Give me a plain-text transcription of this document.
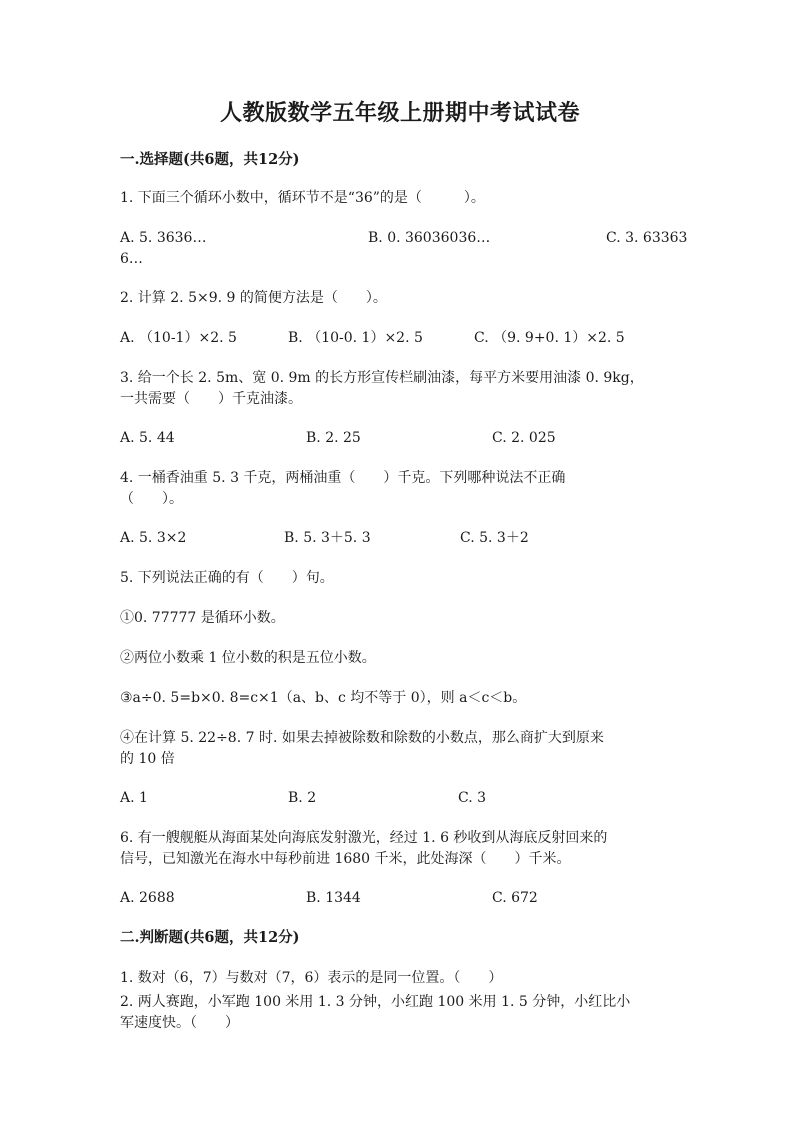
人教版数学五年级上册期中考试试卷
一.选择题(共6题，共12分)
1. 下面三个循环小数中，循环节不是“36”的是（　　　）。
A. 5. 3636…	B. 0. 36036036…	C. 3. 63363
6…
2. 计算 2. 5×9. 9 的简便方法是（　　）。
A. （10-1）×2. 5	B. （10-0. 1）×2. 5	C. （9. 9+0. 1）×2. 5
3. 给一个长 2. 5m、宽 0. 9m 的长方形宣传栏刷油漆，每平方米要用油漆 0. 9kg，
一共需要（　　）千克油漆。
A. 5. 44	B. 2. 25	C. 2. 025
4. 一桶香油重 5. 3 千克，两桶油重（　　）千克。下列哪种说法不正确
（　　）。
A. 5. 3×2	B. 5. 3＋5. 3	C. 5. 3＋2
5. 下列说法正确的有（　　）句。
①0. 77777 是循环小数。
②两位小数乘 1 位小数的积是五位小数。
③a÷0. 5=b×0. 8=c×1（a、b、c 均不等于 0），则 a＜c＜b。
④在计算 5. 22÷8. 7 时. 如果去掉被除数和除数的小数点，那么商扩大到原来
的 10 倍
A. 1	B. 2	C. 3
6. 有一艘舰艇从海面某处向海底发射激光，经过 1. 6 秒收到从海底反射回来的
信号，已知激光在海水中每秒前进 1680 千米，此处海深（　　）千米。
A. 2688	B. 1344	C. 672
二.判断题(共6题，共12分)
1. 数对（6，7）与数对（7，6）表示的是同一位置。（　　）
2. 两人赛跑，小军跑 100 米用 1. 3 分钟，小红跑 100 米用 1. 5 分钟，小红比小
军速度快。（　　）
